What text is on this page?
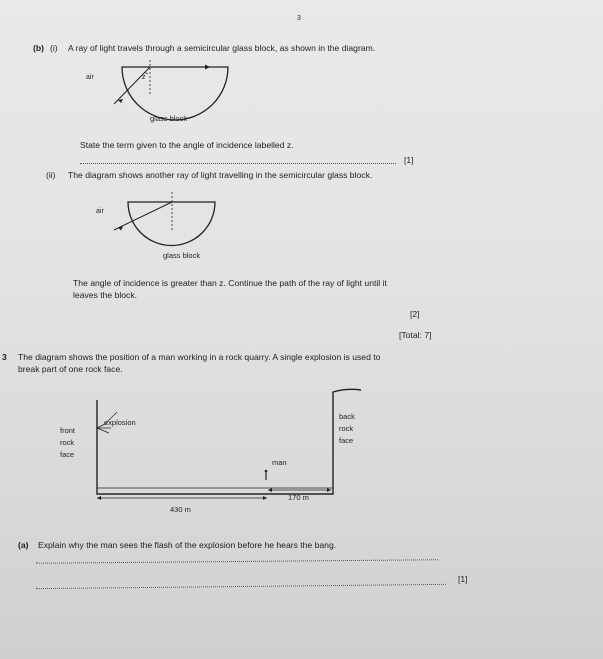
3
(b) (i) A ray of light travels through a semicircular glass block, as shown in the diagram.
air	z
glass block
State the term given to the angle of incidence labelled z.
[1]
(ii) The diagram shows another ray of light travelling in the semicircular glass block.
air
glass block
The angle of incidence is greater than z. Continue the path of the ray of light until it
leaves the block.
[2]
[Total: 7]
3 The diagram shows the position of a man working in a rock quarry. A single explosion is used to
break part of one rock face.
front
rock
face
explosion
back
rock
face
man
170 m
430 m
(a) Explain why the man sees the flash of the explosion before he hears the bang.
[1]
